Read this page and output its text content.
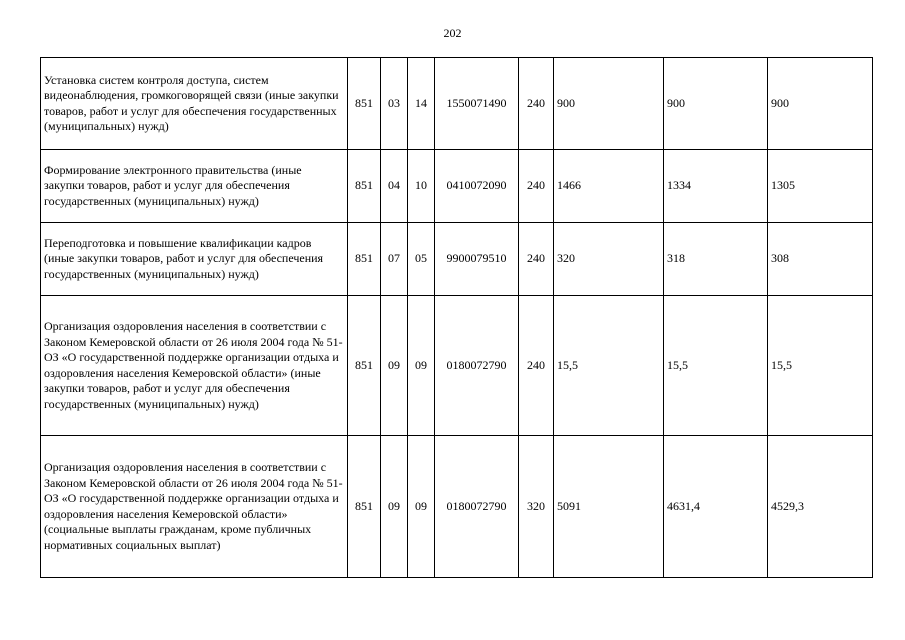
202
Установка систем контроля доступа, систем видеонаблюдения, громкоговорящей связи (иные закупки товаров, работ и услуг для обеспечения государственных (муниципальных) нужд)	851	03	14	1550071490	240	900	900	900
Формирование электронного правительства (иные закупки товаров, работ и услуг для обеспечения государственных (муниципальных) нужд)	851	04	10	0410072090	240	1466	1334	1305
Переподготовка и повышение квалификации кадров (иные закупки товаров, работ и услуг для обеспечения государственных (муниципальных) нужд)	851	07	05	9900079510	240	320	318	308
Организация оздоровления населения в соответствии с Законом Кемеровской области от 26 июля 2004 года № 51-ОЗ «О государственной поддержке организации отдыха и оздоровления населения Кемеровской области» (иные закупки товаров, работ и услуг для обеспечения государственных (муниципальных) нужд)	851	09	09	0180072790	240	15,5	15,5	15,5
Организация оздоровления населения в соответствии с Законом Кемеровской области от 26 июля 2004 года № 51-ОЗ «О государственной поддержке организации отдыха и оздоровления населения Кемеровской области» (социальные выплаты гражданам, кроме публичных нормативных социальных выплат)	851	09	09	0180072790	320	5091	4631,4	4529,3
